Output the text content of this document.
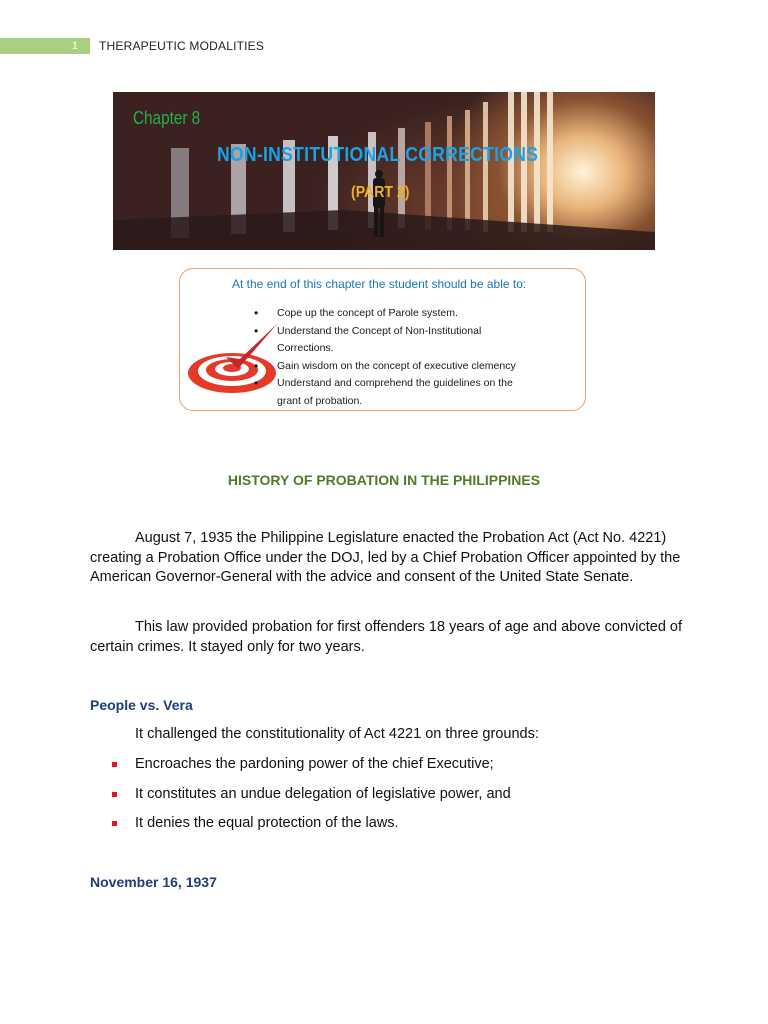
1	THERAPEUTIC MODALITIES
Chapter 8
NON-INSTITUTIONAL CORRECTIONS
(PART 2)
At the end of this chapter the student should be able to:
• Cope up the concept of Parole system.
• Understand the Concept of Non-Institutional Corrections.
• Gain wisdom on the concept of executive clemency
• Understand and comprehend the guidelines on the grant of probation.
HISTORY OF PROBATION IN THE PHILIPPINES

August 7, 1935 the Philippine Legislature enacted the Probation Act (Act No. 4221) creating a Probation Office under the DOJ, led by a Chief Probation Officer appointed by the American Governor-General with the advice and consent of the United State Senate.

This law provided probation for first offenders 18 years of age and above convicted of certain crimes. It stayed only for two years.

People vs. Vera

It challenged the constitutionality of Act 4221 on three grounds:

Encroaches the pardoning power of the chief Executive;
It constitutes an undue delegation of legislative power, and
It denies the equal protection of the laws.
November 16, 1937
